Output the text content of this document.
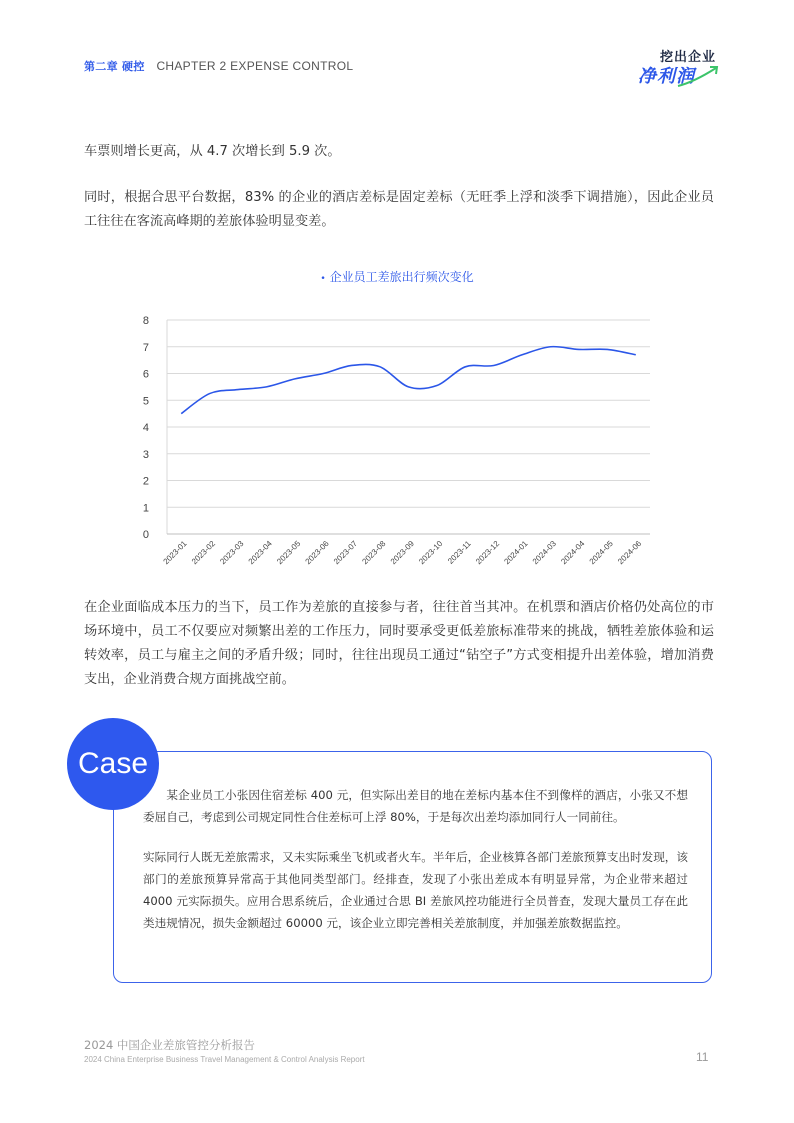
第二章 硬控 CHAPTER 2 EXPENSE CONTROL
挖出企业
净利润
车票则增长更高，从 4.7 次增长到 5.9 次。
同时，根据合思平台数据，83% 的企业的酒店差标是固定差标（无旺季上浮和淡季下调措施），因此企业员工往往在客流高峰期的差旅体验明显变差。
• 企业员工差旅出行频次变化
0
1
2
3
4
5
6
7
8
2023-01 2023-02 2023-03 2023-04 2023-05 2023-06 2023-07 2023-08 2023-09 2023-10 2023-11 2023-12 2024-01 2024-03 2024-04 2024-05 2024-06
在企业面临成本压力的当下，员工作为差旅的直接参与者，往往首当其冲。在机票和酒店价格仍处高位的市场环境中，员工不仅要应对频繁出差的工作压力，同时要承受更低差旅标准带来的挑战，牺牲差旅体验和运转效率，员工与雇主之间的矛盾升级；同时，往往出现员工通过“钻空子”方式变相提升出差体验，增加消费支出，企业消费合规方面挑战空前。
Case
　　某企业员工小张因住宿差标 400 元，但实际出差目的地在差标内基本住不到像样的酒店，小张又不想委屈自己，考虑到公司规定同性合住差标可上浮 80%，于是每次出差均添加同行人一同前往。
实际同行人既无差旅需求，又未实际乘坐飞机或者火车。半年后，企业核算各部门差旅预算支出时发现，该部门的差旅预算异常高于其他同类型部门。经排查，发现了小张出差成本有明显异常，为企业带来超过 4000 元实际损失。应用合思系统后，企业通过合思 BI 差旅风控功能进行全员普查，发现大量员工存在此类违规情况，损失金额超过 60000 元，该企业立即完善相关差旅制度，并加强差旅数据监控。
2024 中国企业差旅管控分析报告
2024 China Enterprise Business Travel Management & Control Analysis Report	11
